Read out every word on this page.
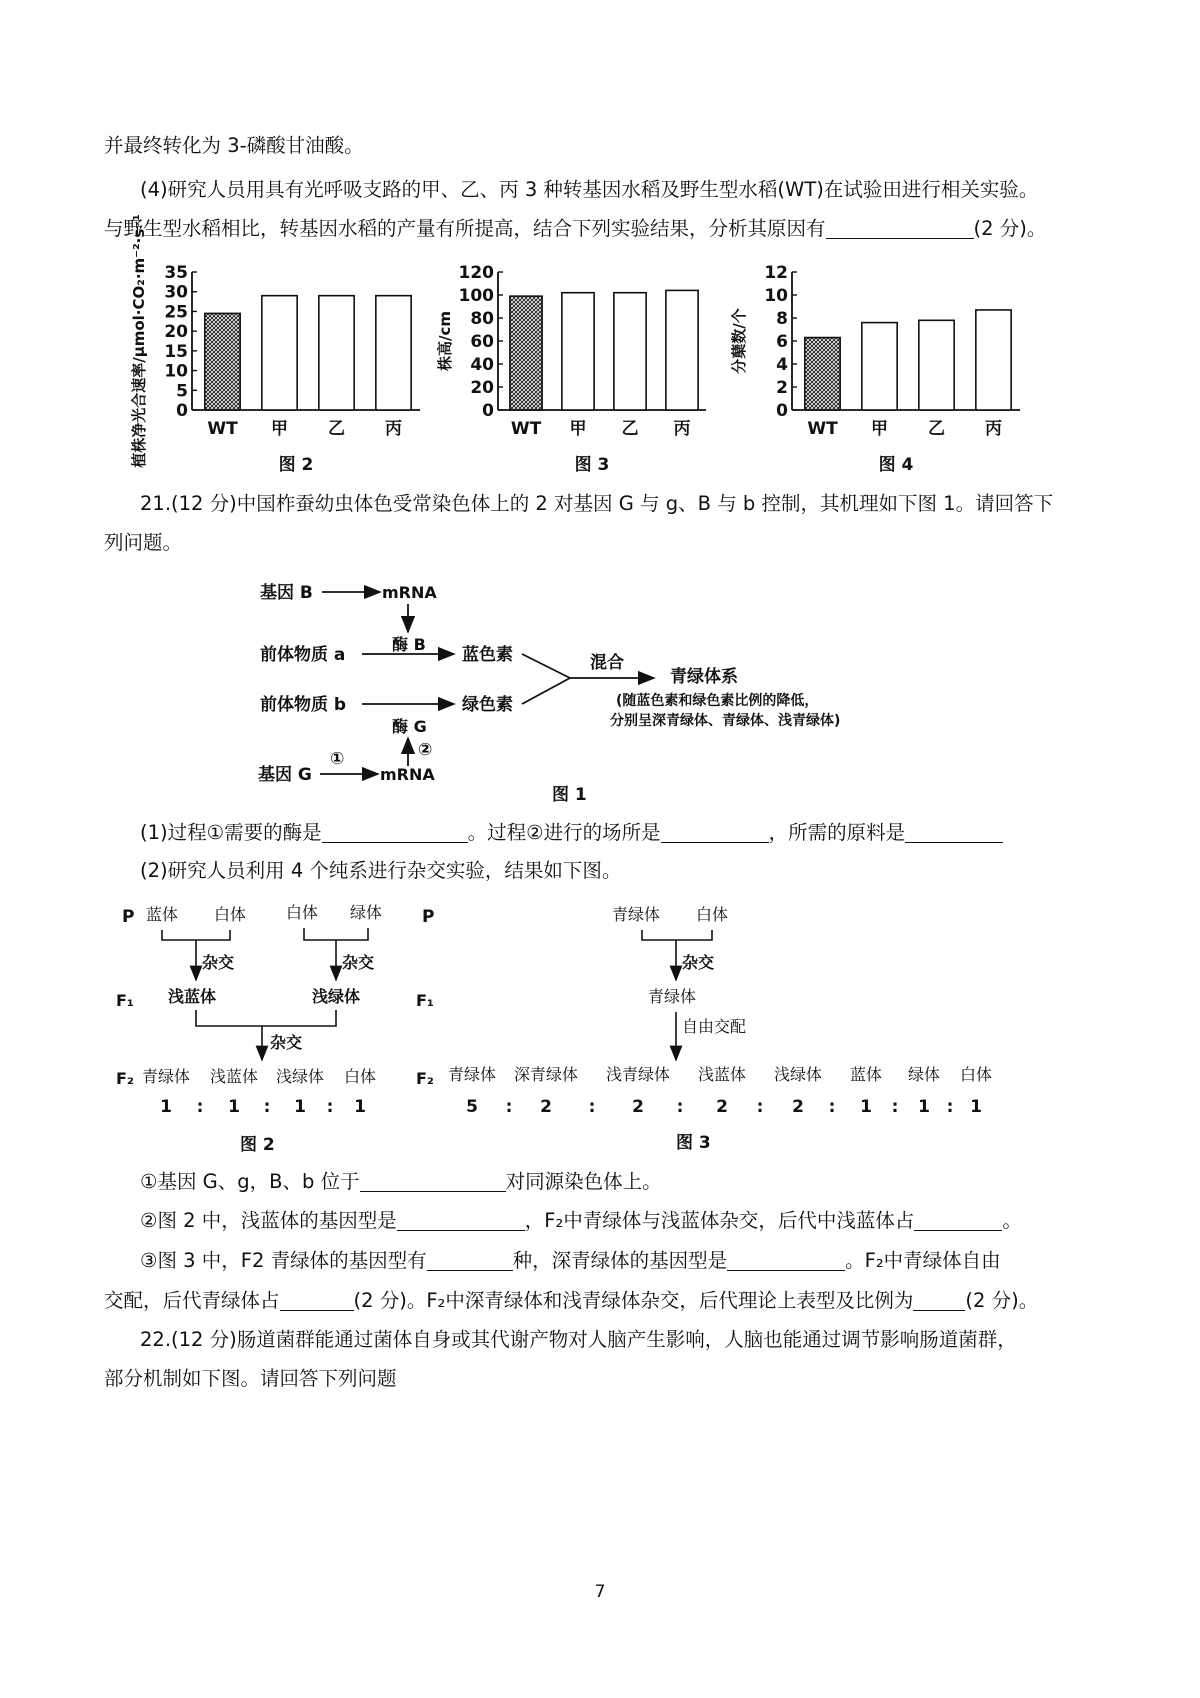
并最终转化为 3-磷酸甘油酸。
(4)研究人员用具有光呼吸支路的甲、乙、丙 3 种转基因水稻及野生型水稻(WT)在试验田进行相关实验。
与野生型水稻相比，转基因水稻的产量有所提高，结合下列实验结果，分析其原因有	(2 分)。
植株净光合速率/μmol·CO₂·m⁻²·s⁻¹ 0
5
10
15
20
25
30
35
WT 甲 乙 丙
图 2
株高/cm
0
20
40
60
80
100
120
WT 甲 乙 丙
图 3
分蘖数/个
0
2
4
6
8
10
12
WT 甲 乙 丙
图 4
21.(12 分)中国柞蚕幼虫体色受常染色体上的 2 对基因 G 与 g、B 与 b 控制，其机理如下图 1。请回答下
列问题。
基因 B	mRNA
酶 B
前体物质 a	蓝色素	混合
青绿体系
(随蓝色素和绿色素比例的降低，
分别呈深青绿体、青绿体、浅青绿体)
前体物质 b	绿色素
酶 G
②
①
基因 G	mRNA
图 1
(1)过程①需要的酶是	。过程②进行的场所是	，所需的原料是
(2)研究人员利用 4 个纯系进行杂交实验，结果如下图。
P 蓝体 白体 白体 绿体
杂交	杂交
F₁ 浅蓝体	浅绿体
杂交
F₂ 青绿体 浅蓝体 浅绿体 白体
1 : 1 : 1 : 1
图 2
P	青绿体 白体
杂交
F₁	青绿体
自由交配
F₂ 青绿体 深青绿体 浅青绿体 浅蓝体 浅绿体 蓝体 绿体 白体
5 : 2 : 2 : 2 : 2 : 1 : 1 : 1
图 3
①基因 G、g，B、b 位于	对同源染色体上。
②图 2 中，浅蓝体的基因型是	，F₂中青绿体与浅蓝体杂交，后代中浅蓝体占	。
③图 3 中，F2 青绿体的基因型有	种，深青绿体的基因型是	。F₂中青绿体自由
交配，后代青绿体占	(2 分)。F₂中深青绿体和浅青绿体杂交，后代理论上表型及比例为	(2 分)。
22.(12 分)肠道菌群能通过菌体自身或其代谢产物对人脑产生影响，人脑也能通过调节影响肠道菌群，
部分机制如下图。请回答下列问题
7
